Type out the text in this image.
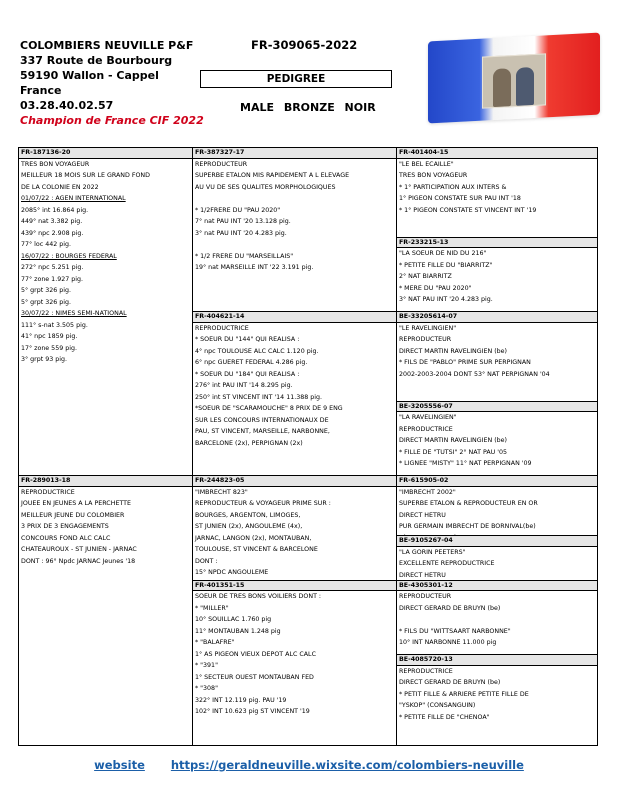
COLOMBIERS NEUVILLE P&F
337 Route de Bourbourg
59190 Wallon - Cappel
France
03.28.40.02.57
Champion de France CIF 2022
FR-309065-2022
PEDIGREE
MALE BRONZE NOIR
FR-187136-20
TRES BON VOYAGEUR
MEILLEUR 18 MOIS SUR LE GRAND FOND
DE LA COLONIE EN 2022
01/07/22 : AGEN INTERNATIONAL
2085° int 16.864 pig.
449° nat 3.382 pig.
439° npc 2.908 pig.
77° loc 442 pig.
16/07/22 : BOURGES FEDERAL
272° npc 5.251 pig.
77° zone 1.927 pig.
5° grpt 326 pig.
5° grpt 326 pig.
30/07/22 : NIMES SEMI-NATIONAL
111° s-nat 3.505 pig.
41° npc 1859 pig.
17° zone 559 pig.
3° grpt 93 pig.
FR-387327-17
REPRODUCTEUR
SUPERBE ETALON MIS RAPIDEMENT A L ELEVAGE
AU VU DE SES QUALITES MORPHOLOGIQUES
* 1/2FRERE DU "PAU 2020"
7° nat PAU INT '20 13.128 pig.
3° nat PAU INT '20 4.283 pig.
* 1/2 FRERE DU "MARSEILLAIS"
19° nat MARSEILLE INT '22 3.191 pig.
FR-401404-15
"LE BEL ECAILLE"
TRES BON VOYAGEUR
* 1° PARTICIPATION AUX INTERS &
1° PIGEON CONSTATE SUR PAU INT '18
* 1° PIGEON CONSTATE ST VINCENT INT '19
FR-233215-13
"LA SOEUR DE NID DU 216"
* PETITE FILLE DU "BIARRITZ"
2° NAT BIARRITZ
* MERE DU "PAU 2020"
3° NAT PAU INT '20 4.283 pig.
FR-404621-14
REPRODUCTRICE
* SOEUR DU "144" QUI REALISA :
4° npc TOULOUSE ALC CALC 1.120 pig.
6° npc GUERET FEDERAL 4.286 pig.
* SOEUR DU "184" QUI REALISA :
276° int PAU INT '14 8.295 pig.
250° int ST VINCENT INT '14 11.388 pig.
*SOEUR DE "SCARAMOUCHE" 8 PRIX DE 9 ENG
SUR LES CONCOURS INTERNATIONAUX DE
PAU, ST VINCENT, MARSEILLE, NARBONNE,
BARCELONE (2x), PERPIGNAN (2x)
BE-33205614-07
"LE RAVELINGIEN"
REPRODUCTEUR
DIRECT MARTIN RAVELINGIEN (be)
* FILS DE "PABLO" PRIME SUR PERPIGNAN
2002-2003-2004 DONT 53° NAT PERPIGNAN '04
BE-3205556-07
"LA RAVELINGIEN"
REPRODUCTRICE
DIRECT MARTIN RAVELINGIEN (be)
* FILLE DE "TUTSI" 2° NAT PAU '05
* LIGNEE "MISTY" 11° NAT PERPIGNAN '09
FR-289013-18
REPRODUCTRICE
JOUEE EN JEUNES A LA PERCHETTE
MEILLEUR JEUNE DU COLOMBIER
3 PRIX DE 3 ENGAGEMENTS
CONCOURS FOND ALC CALC
CHATEAUROUX - ST JUNIEN - JARNAC
DONT : 96° Npdc JARNAC Jeunes '18
FR-244823-05
"IMBRECHT 823"
REPRODUCTEUR & VOYAGEUR PRIME SUR :
BOURGES, ARGENTON, LIMOGES,
ST JUNIEN (2x), ANGOULEME (4x),
JARNAC, LANGON (2x), MONTAUBAN,
TOULOUSE, ST VINCENT & BARCELONE
DONT :
15° NPDC ANGOULEME
FR-615905-02
"IMBRECHT 2002"
SUPERBE ETALON & REPRODUCTEUR EN OR
DIRECT HETRU
PUR GERMAIN IMBRECHT DE BORNIVAL(be)
BE-9105267-04
"LA GORIN PEETERS"
EXCELLENTE REPRODUCTRICE
DIRECT HETRU
FR-401351-15
SOEUR DE TRES BONS VOILIERS DONT :
* "MILLER"
10° SOUILLAC 1.760 pig
11° MONTAUBAN 1.248 pig
* "BALAFRE"
1° AS PIGEON VIEUX DEPOT ALC CALC
* "391"
1° SECTEUR OUEST MONTAUBAN FED
* "308"
322° INT 12.119 pig. PAU '19
102° INT 10.623 pig ST VINCENT '19
BE-4305301-12
REPRODUCTEUR
DIRECT GERARD DE BRUYN (be)
* FILS DU "WITTSAART NARBONNE"
10° INT NARBONNE 11.000 pig
BE-4085720-13
REPRODUCTRICE
DIRECT GERARD DE BRUYN (be)
* PETIT FILLE & ARRIERE PETITE FILLE DE
"YSKOP" (CONSANGUIN)
* PETITE FILLE DE "CHENOA"
website https://geraldneuville.wixsite.com/colombiers-neuville
